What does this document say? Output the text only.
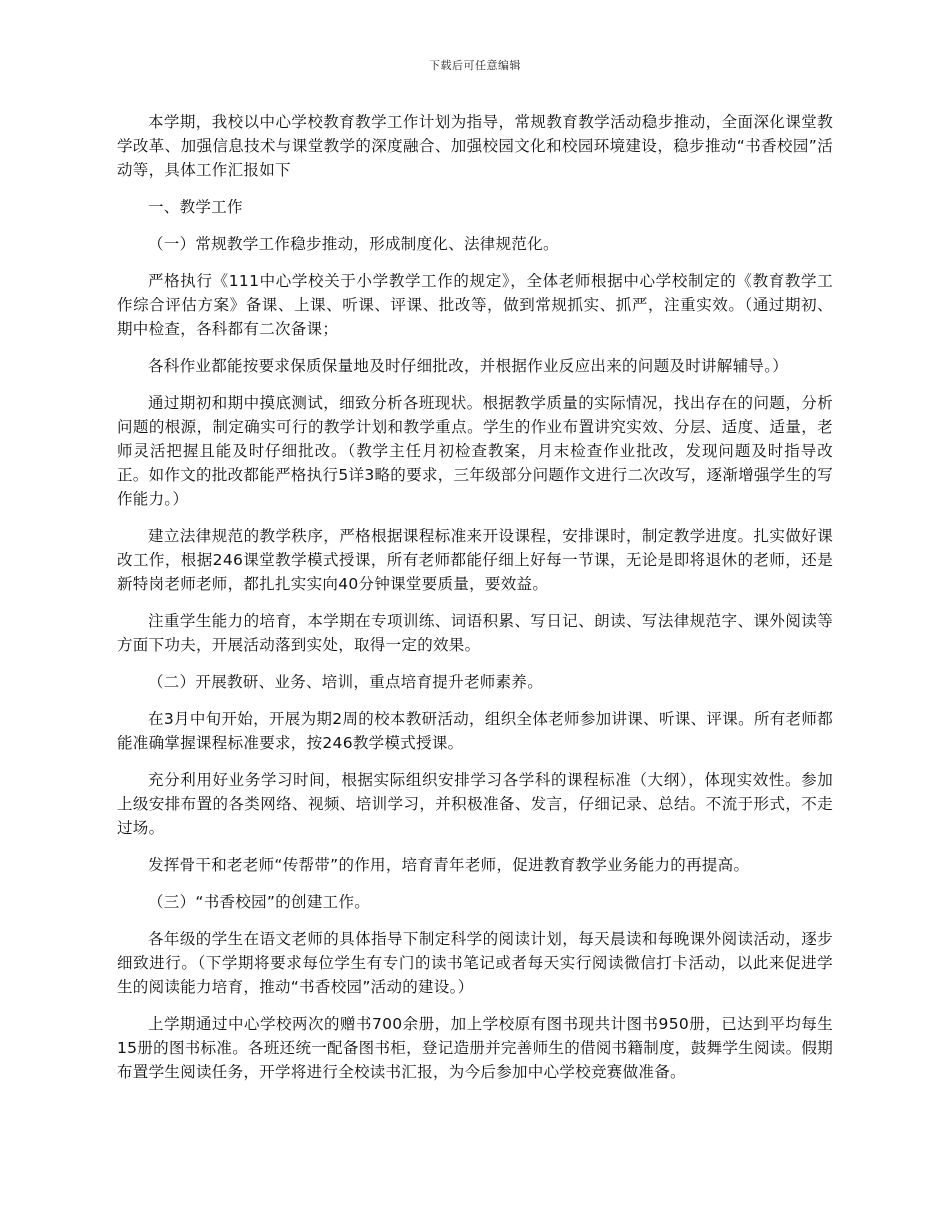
下载后可任意编辑

本学期，我校以中心学校教育教学工作计划为指导，常规教育教学活动稳步推动，全面深化课堂教学改革、加强信息技术与课堂教学的深度融合、加强校园文化和校园环境建设，稳步推动“书香校园”活动等，具体工作汇报如下

一、教学工作

（一）常规教学工作稳步推动，形成制度化、法律规范化。

严格执行《111中心学校关于小学教学工作的规定》，全体老师根据中心学校制定的《教育教学工作综合评估方案》备课、上课、听课、评课、批改等，做到常规抓实、抓严，注重实效。（通过期初、期中检查，各科都有二次备课；

各科作业都能按要求保质保量地及时仔细批改，并根据作业反应出来的问题及时讲解辅导。）

通过期初和期中摸底测试，细致分析各班现状。根据教学质量的实际情况，找出存在的问题，分析问题的根源，制定确实可行的教学计划和教学重点。学生的作业布置讲究实效、分层、适度、适量，老师灵活把握且能及时仔细批改。（教学主任月初检查教案，月末检查作业批改，发现问题及时指导改正。如作文的批改都能严格执行5详3略的要求，三年级部分问题作文进行二次改写，逐渐增强学生的写作能力。）

建立法律规范的教学秩序，严格根据课程标准来开设课程，安排课时，制定教学进度。扎实做好课改工作，根据246课堂教学模式授课，所有老师都能仔细上好每一节课，无论是即将退休的老师，还是新特岗老师老师，都扎扎实实向40分钟课堂要质量，要效益。

注重学生能力的培育，本学期在专项训练、词语积累、写日记、朗读、写法律规范字、课外阅读等方面下功夫，开展活动落到实处，取得一定的效果。

（二）开展教研、业务、培训，重点培育提升老师素养。

在3月中旬开始，开展为期2周的校本教研活动，组织全体老师参加讲课、听课、评课。所有老师都能准确掌握课程标准要求，按246教学模式授课。

充分利用好业务学习时间，根据实际组织安排学习各学科的课程标准（大纲），体现实效性。参加上级安排布置的各类网络、视频、培训学习，并积极准备、发言，仔细记录、总结。不流于形式，不走过场。

发挥骨干和老老师“传帮带”的作用，培育青年老师，促进教育教学业务能力的再提高。

（三）“书香校园”的创建工作。

各年级的学生在语文老师的具体指导下制定科学的阅读计划，每天晨读和每晚课外阅读活动，逐步细致进行。（下学期将要求每位学生有专门的读书笔记或者每天实行阅读微信打卡活动，以此来促进学生的阅读能力培育，推动“书香校园”活动的建设。）

上学期通过中心学校两次的赠书700余册，加上学校原有图书现共计图书950册，已达到平均每生15册的图书标准。各班还统一配备图书柜，登记造册并完善师生的借阅书籍制度，鼓舞学生阅读。假期布置学生阅读任务，开学将进行全校读书汇报，为今后参加中心学校竞赛做准备。
